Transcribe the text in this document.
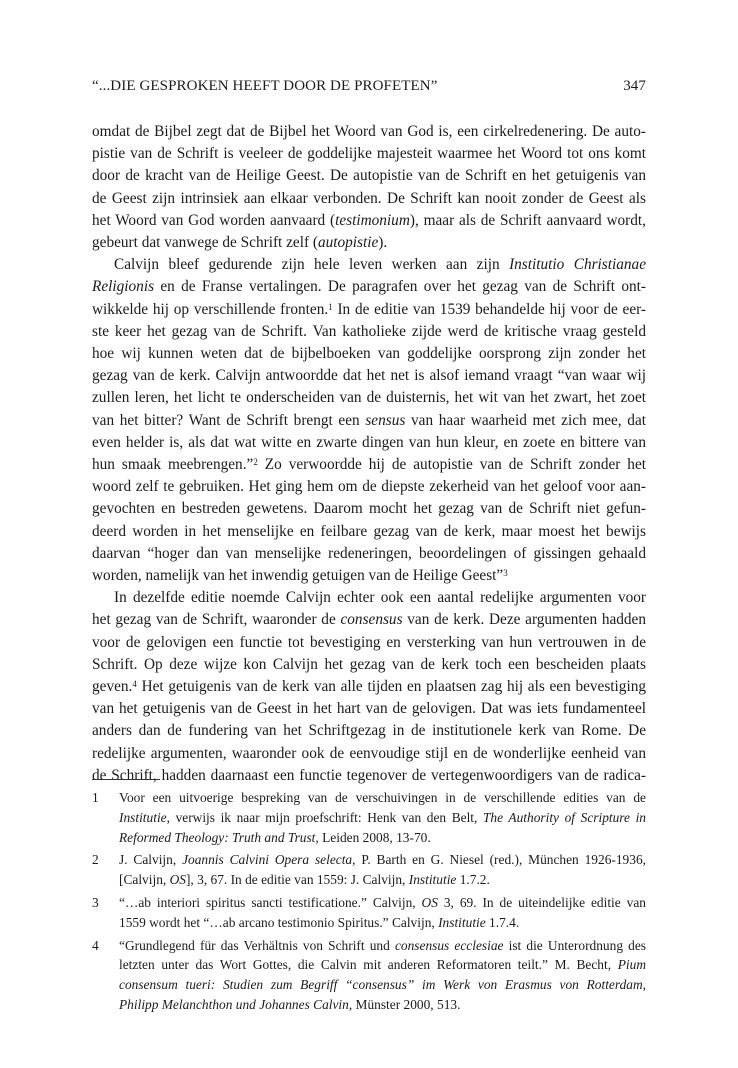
“...DIE GESPROKEN HEEFT DOOR DE PROFETEN”	347

omdat de Bijbel zegt dat de Bijbel het Woord van God is, een cirkelredenering. De auto-
pistie van de Schrift is veeleer de goddelijke majesteit waarmee het Woord tot ons komt
door de kracht van de Heilige Geest. De autopistie van de Schrift en het getuigenis van
de Geest zijn intrinsiek aan elkaar verbonden. De Schrift kan nooit zonder de Geest als
het Woord van God worden aanvaard (testimonium), maar als de Schrift aanvaard wordt,
gebeurt dat vanwege de Schrift zelf (autopistie).

Calvijn bleef gedurende zijn hele leven werken aan zijn Institutio Christianae
Religionis en de Franse vertalingen. De paragrafen over het gezag van de Schrift ont-
wikkelde hij op verschillende fronten.$^1$ In de editie van 1539 behandelde hij voor de eer-
ste keer het gezag van de Schrift. Van katholieke zijde werd de kritische vraag gesteld
hoe wij kunnen weten dat de bijbelboeken van goddelijke oorsprong zijn zonder het
gezag van de kerk. Calvijn antwoordde dat het net is alsof iemand vraagt “van waar wij
zullen leren, het licht te onderscheiden van de duisternis, het wit van het zwart, het zoet
van het bitter? Want de Schrift brengt een sensus van haar waarheid met zich mee, dat
even helder is, als dat wat witte en zwarte dingen van hun kleur, en zoete en bittere van
hun smaak meebrengen.”$^2$ Zo verwoordde hij de autopistie van de Schrift zonder het
woord zelf te gebruiken. Het ging hem om de diepste zekerheid van het geloof voor aan-
gevochten en bestreden gewetens. Daarom mocht het gezag van de Schrift niet gefun-
deerd worden in het menselijke en feilbare gezag van de kerk, maar moest het bewijs
daarvan “hoger dan van menselijke redeneringen, beoordelingen of gissingen gehaald
worden, namelijk van het inwendig getuigen van de Heilige Geest”$^3$

In dezelfde editie noemde Calvijn echter ook een aantal redelijke argumenten voor
het gezag van de Schrift, waaronder de consensus van de kerk. Deze argumenten hadden
voor de gelovigen een functie tot bevestiging en versterking van hun vertrouwen in de
Schrift. Op deze wijze kon Calvijn het gezag van de kerk toch een bescheiden plaats
geven.$^4$ Het getuigenis van de kerk van alle tijden en plaatsen zag hij als een bevestiging
van het getuigenis van de Geest in het hart van de gelovigen. Dat was iets fundamenteel
anders dan de fundering van het Schriftgezag in de institutionele kerk van Rome. De
redelijke argumenten, waaronder ook de eenvoudige stijl en de wonderlijke eenheid van
de Schrift, hadden daarnaast een functie tegenover de vertegenwoordigers van de radica-

1 Voor een uitvoerige bespreking van de verschuivingen in de verschillende edities van de
Institutie, verwijs ik naar mijn proefschrift: Henk van den Belt, The Authority of Scripture in
Reformed Theology: Truth and Trust, Leiden 2008, 13-70.
2 J. Calvijn, Joannis Calvini Opera selecta, P. Barth en G. Niesel (red.), München 1926-1936,
[Calvijn, OS], 3, 67. In de editie van 1559: J. Calvijn, Institutie 1.7.2.
3 “…ab interiori spiritus sancti testificatione.” Calvijn, OS 3, 69. In de uiteindelijke editie van
1559 wordt het “…ab arcano testimonio Spiritus.” Calvijn, Institutie 1.7.4.
4 “Grundlegend für das Verhältnis von Schrift und consensus ecclesiae ist die Unterordnung des
letzten unter das Wort Gottes, die Calvin mit anderen Reformatoren teilt.” M. Becht, Pium
consensum tueri: Studien zum Begriff “consensus” im Werk von Erasmus von Rotterdam,
Philipp Melanchthon und Johannes Calvin, Münster 2000, 513.
